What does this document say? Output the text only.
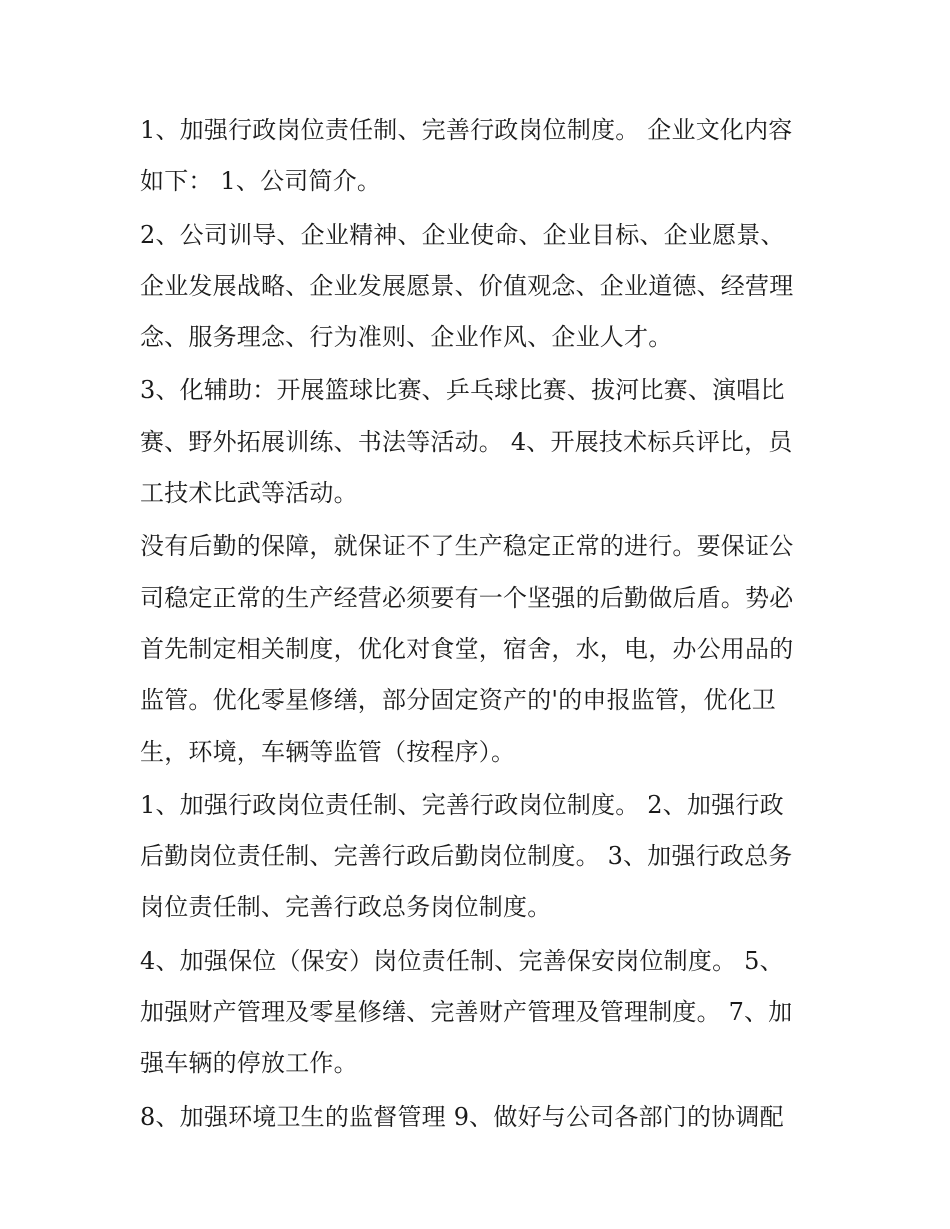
1、加强行政岗位责任制、完善行政岗位制度。 企业文化内容
如下： 1、公司简介。
2、公司训导、企业精神、企业使命、企业目标、企业愿景、
企业发展战略、企业发展愿景、价值观念、企业道德、经营理
念、服务理念、行为准则、企业作风、企业人才。
3、化辅助：开展篮球比赛、乒乓球比赛、拔河比赛、演唱比
赛、野外拓展训练、书法等活动。 4、开展技术标兵评比，员
工技术比武等活动。
没有后勤的保障，就保证不了生产稳定正常的进行。要保证公
司稳定正常的生产经营必须要有一个坚强的后勤做后盾。势必
首先制定相关制度，优化对食堂，宿舍，水，电，办公用品的
监管。优化零星修缮，部分固定资产的'的申报监管，优化卫
生，环境，车辆等监管（按程序）。
1、加强行政岗位责任制、完善行政岗位制度。 2、加强行政
后勤岗位责任制、完善行政后勤岗位制度。 3、加强行政总务
岗位责任制、完善行政总务岗位制度。
4、加强保位（保安）岗位责任制、完善保安岗位制度。 5、
加强财产管理及零星修缮、完善财产管理及管理制度。 7、加
强车辆的停放工作。
8、加强环境卫生的监督管理 9、做好与公司各部门的协调配
